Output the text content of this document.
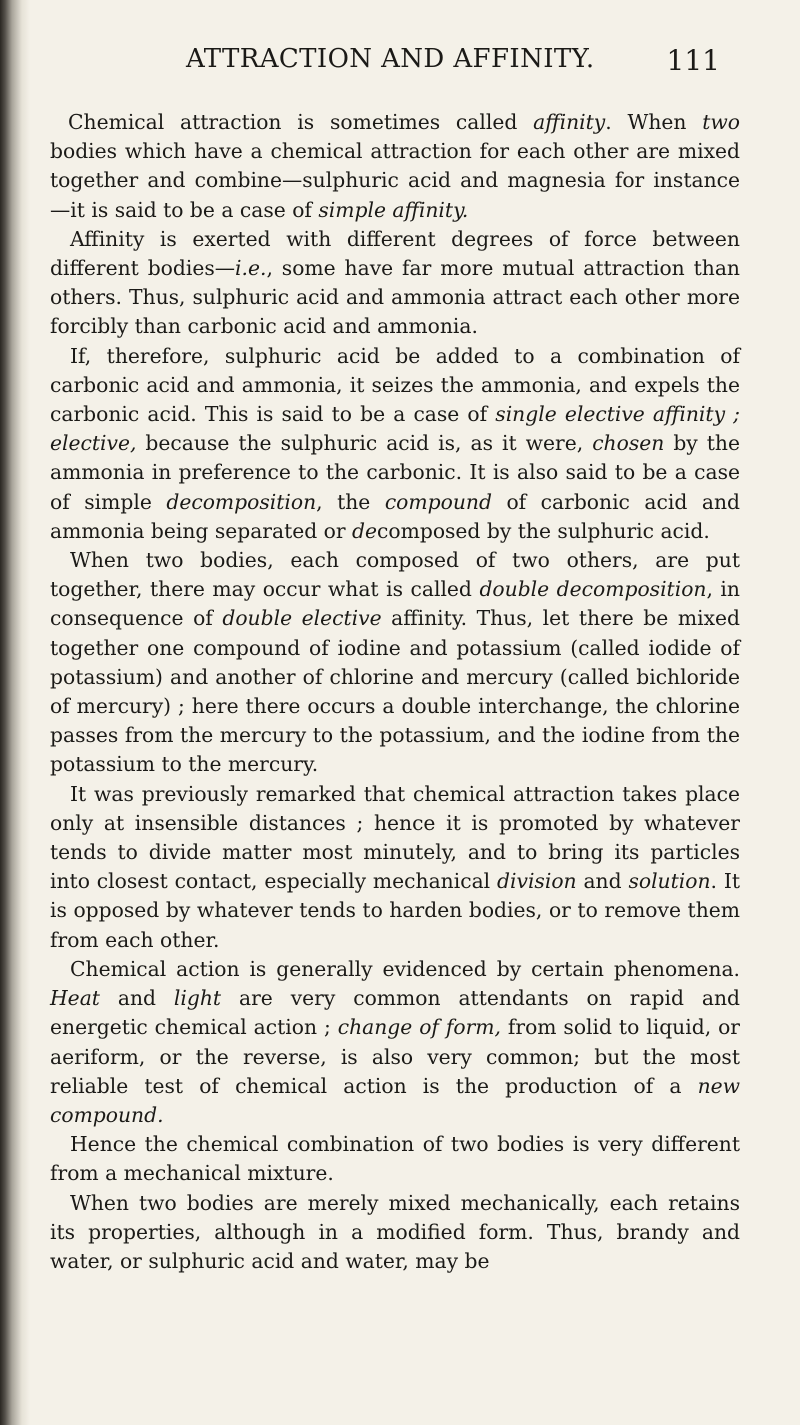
ATTRACTION AND AFFINITY.	111

Chemical attraction is sometimes called affinity. When two bodies which have a chemical attraction for each other are mixed together and combine—sulphuric acid and magnesia for instance—it is said to be a case of simple affinity.

Affinity is exerted with different degrees of force between different bodies—i.e., some have far more mutual attraction than others. Thus, sulphuric acid and ammonia attract each other more forcibly than carbonic acid and ammonia.

If, therefore, sulphuric acid be added to a combination of carbonic acid and ammonia, it seizes the ammonia, and expels the carbonic acid. This is said to be a case of single elective affinity ; elective, because the sulphuric acid is, as it were, chosen by the ammonia in preference to the carbonic. It is also said to be a case of simple decomposition, the compound of carbonic acid and ammonia being separated or decomposed by the sulphuric acid.

When two bodies, each composed of two others, are put together, there may occur what is called double decomposition, in consequence of double elective affinity. Thus, let there be mixed together one compound of iodine and potassium (called iodide of potassium) and another of chlorine and mercury (called bichloride of mercury) ; here there occurs a double interchange, the chlorine passes from the mercury to the potassium, and the iodine from the potassium to the mercury.

It was previously remarked that chemical attraction takes place only at insensible distances ; hence it is promoted by whatever tends to divide matter most minutely, and to bring its particles into closest contact, especially mechanical division and solution. It is opposed by whatever tends to harden bodies, or to remove them from each other.

Chemical action is generally evidenced by certain phenomena. Heat and light are very common attendants on rapid and energetic chemical action ; change of form, from solid to liquid, or aeriform, or the reverse, is also very common; but the most reliable test of chemical action is the production of a new compound.

Hence the chemical combination of two bodies is very different from a mechanical mixture.

When two bodies are merely mixed mechanically, each retains its properties, although in a modified form. Thus, brandy and water, or sulphuric acid and water, may be
